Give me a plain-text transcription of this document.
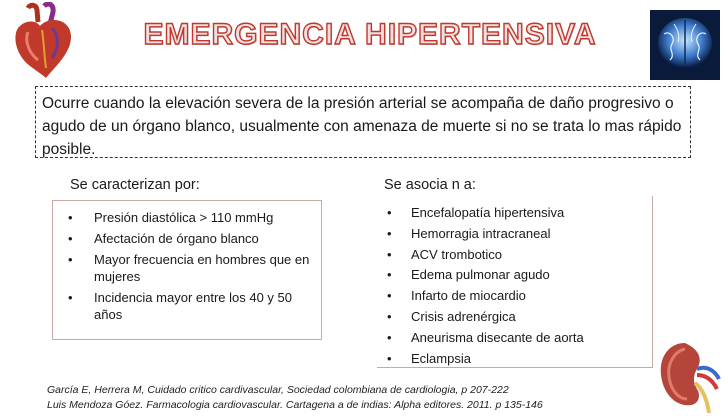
EMERGENCIA HIPERTENSIVA
Ocurre cuando la elevación severa de la presión arterial se acompaña de daño progresivo o agudo de un órgano blanco, usualmente con amenaza de muerte si no se trata lo mas rápido posible.
Se caracterizan por:
• Presión diastólica > 110 mmHg
• Afectación de órgano blanco
• Mayor frecuencia en hombres que en mujeres
• Incidencia mayor entre los 40 y 50 años
Se asocia n a:
• Encefalopatía hipertensiva
• Hemorragia intracraneal
• ACV trombotico
• Edema pulmonar agudo
• Infarto de miocardio
• Crisis adrenérgica
• Aneurisma disecante de aorta
• Eclampsia
García E, Herrera M, Cuidado critico cardivascular, Sociedad colombiana de cardiologia, p 207-222
Luis Mendoza Góez. Farmacologia cardiovascular. Cartagena a de indias: Alpha editores. 2011. p 135-146
